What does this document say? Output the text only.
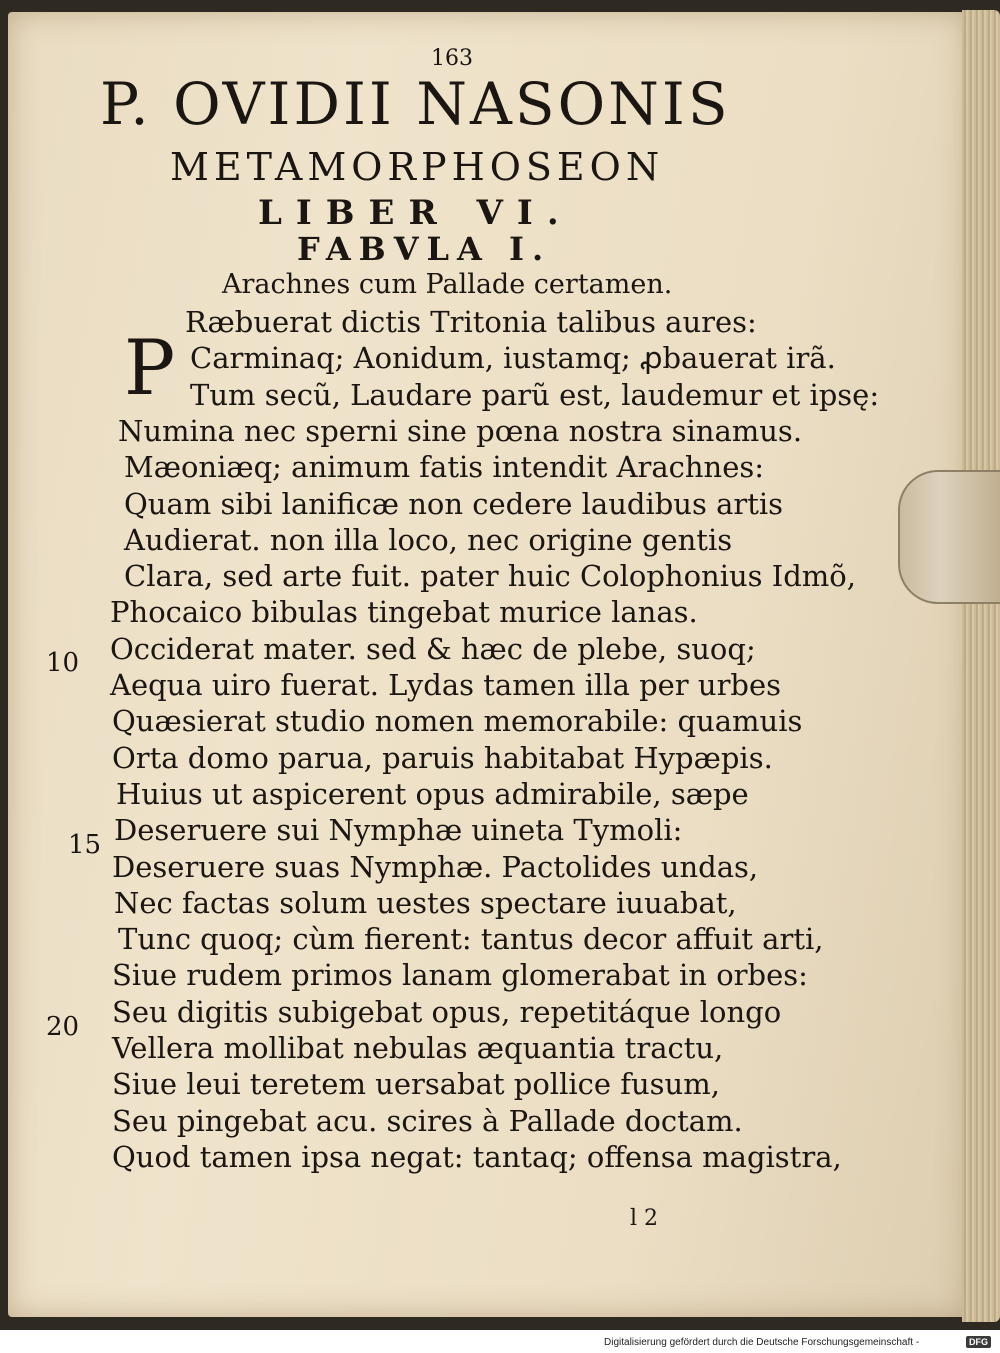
163
P. OVIDII NASONIS
METAMORPHOSEON
LIBER VI.
FABVLA I.
Arachnes cum Pallade certamen.
P
Ræbuerat dictis Tritonia talibus aures:
Carminaq; Aonidum, iustamq; ꝓbauerat irã.
Tum secũ, Laudare parũ est, laudemur et ipsę:
Numina nec sperni sine pœna nostra sinamus.
Mæoniæq; animum fatis intendit Arachnes:
Quam sibi lanificæ non cedere laudibus artis
Audierat. non illa loco, nec origine gentis
Clara, sed arte fuit. pater huic Colophonius Idmõ,
Phocaico bibulas tingebat murice lanas.
Occiderat mater. sed & hæc de plebe, suoq;
Aequa uiro fuerat. Lydas tamen illa per urbes
Quæsierat studio nomen memorabile: quamuis
Orta domo parua, paruis habitabat Hypæpis.
Huius ut aspicerent opus admirabile, sæpe
Deseruere sui Nymphæ uineta Tymoli:
Deseruere suas Nymphæ. Pactolides undas,
Nec factas solum uestes spectare iuuabat,
Tunc quoq; cùm fierent: tantus decor affuit arti,
Siue rudem primos lanam glomerabat in orbes:
Seu digitis subigebat opus, repetitáque longo
Vellera mollibat nebulas æquantia tractu,
Siue leui teretem uersabat pollice fusum,
Seu pingebat acu. scires à Pallade doctam.
Quod tamen ipsa negat: tantaq; offensa magistra,
10
15
20
l 2
Digitalisierung gefördert durch die Deutsche Forschungsgemeinschaft -	DFG
